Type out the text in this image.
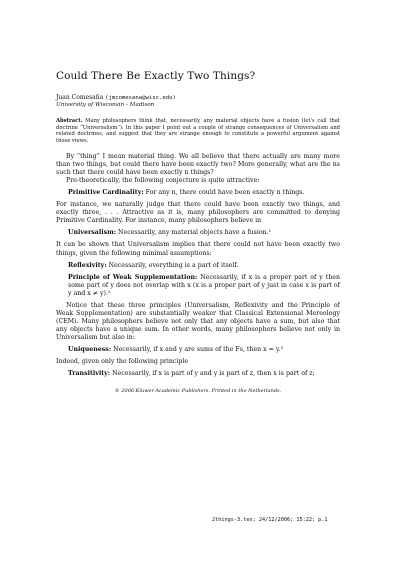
Could There Be Exactly Two Things?
Juan Comesaña (jmcomesana@wisc.edu)
University of Wisconsin - Madison
Abstract. Many philosophers think that, necessarily, any material objects have a fusion (let's call that doctrine “Universalism”). In this paper I point out a couple of strange consequences of Universalism and related doctrines, and suggest that they are strange enough to constitute a powerful argument against those views.

By “thing” I mean material thing. We all believe that there actually are many more than two things, but could there have been exactly two? More generally, what are the ns such that there could have been exactly n things?

Pre-theoretically, the following conjecture is quite attractive:

Primitive Cardinality: For any n, there could have been exactly n things.

For instance, we naturally judge that there could have been exactly two things, and exactly three, . . . Attractive as it is, many philosophers are committed to denying Primitive Cardinality. For instance, many philosophers believe in

Universalism: Necessarily, any material objects have a fusion.¹

It can be shown that Universalism implies that there could not have been exactly two things, given the following minimal assumptions:

Reflexivity: Necessarily, everything is a part of itself.
Principle of Weak Supplementation: Necessarily, if x is a proper part of y then some part of y does not overlap with x (x is a proper part of y just in case x is part of y and x ≠ y).²

Notice that these three principles (Universalism, Reflexivity and the Principle of Weak Supplementation) are substantially weaker that Classical Extensional Mereology (CEM). Many philosophers believe not only that any objects have a sum, but also that any objects have a unique sum. In other words, many philosophers believe not only in Universalism but also in:

Uniqueness: Necessarily, if x and y are sums of the Fs, then x = y.³

Indeed, given only the following principle

Transitivity: Necessarily, if x is part of y and y is part of z, then x is part of z;
© 2006 Kluwer Academic Publishers. Printed in the Netherlands.
2things-3.tex; 24/12/2006; 15:22; p.1
